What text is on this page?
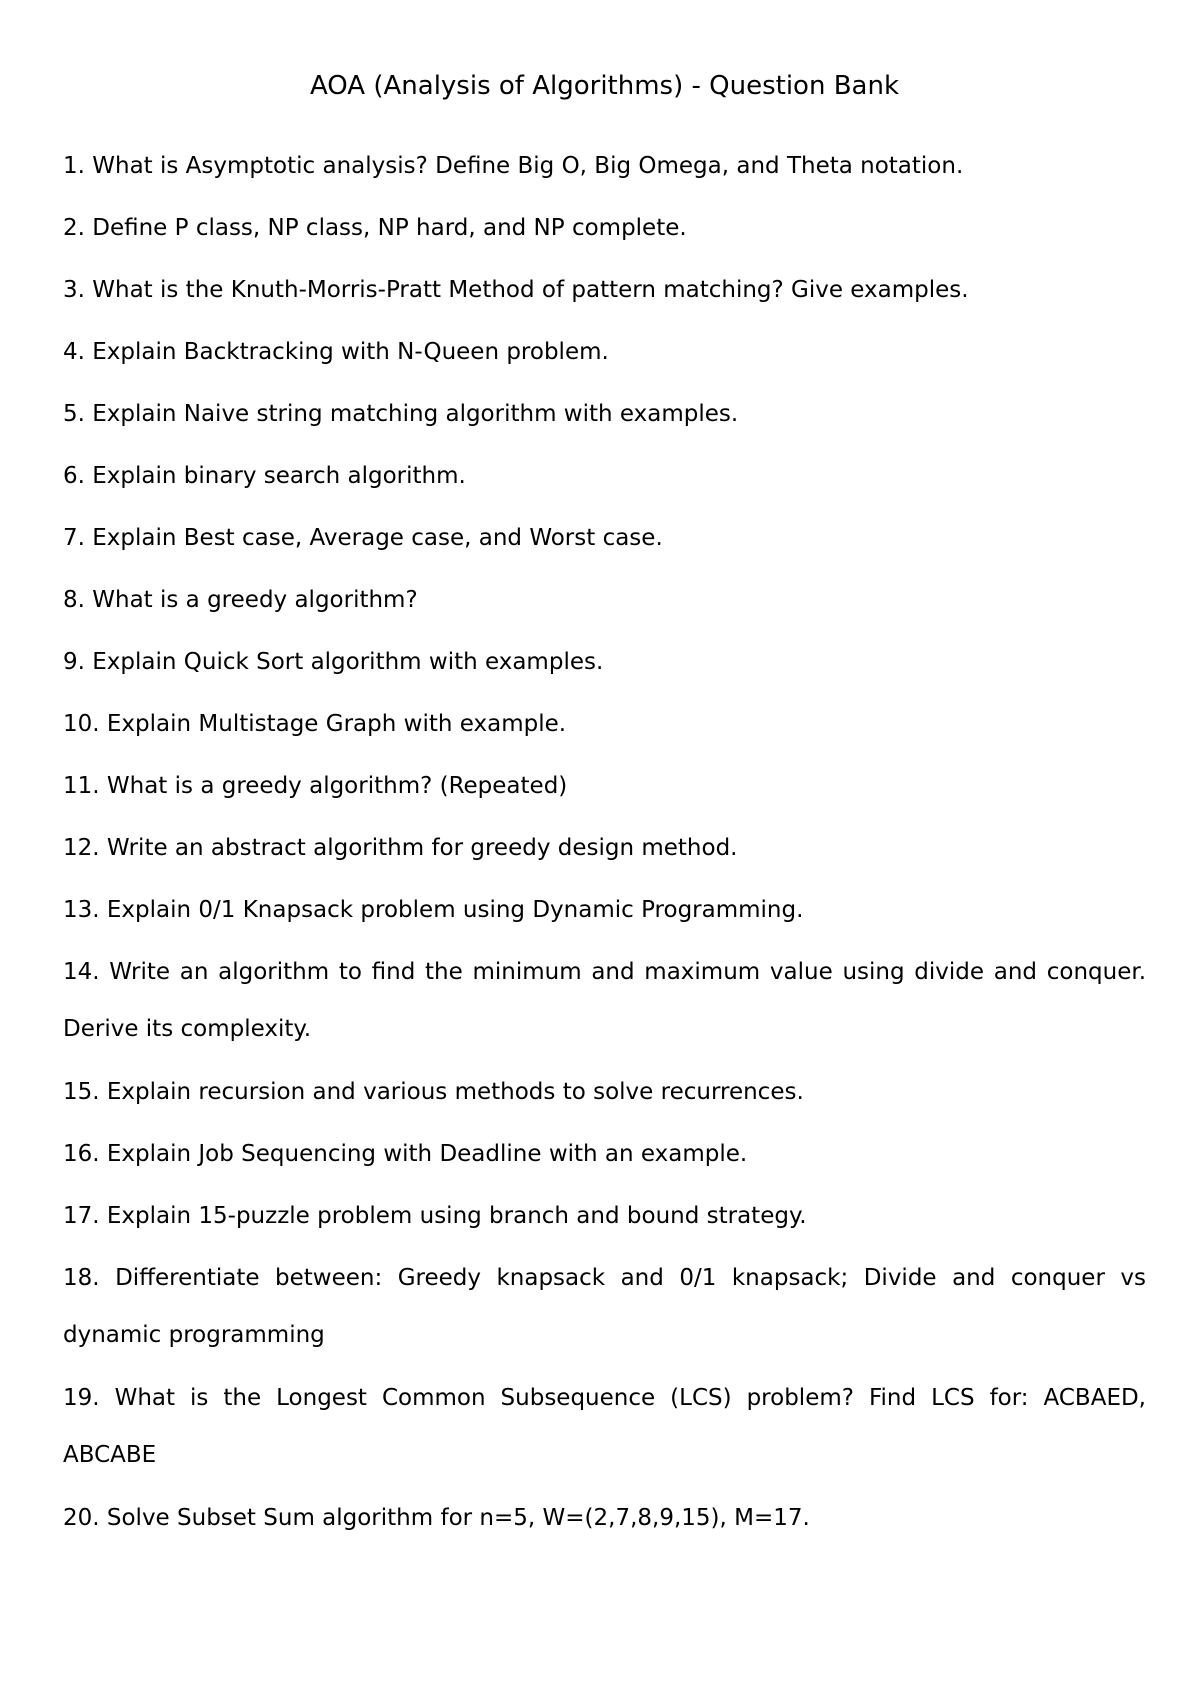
AOA (Analysis of Algorithms) - Question Bank
1. What is Asymptotic analysis? Define Big O, Big Omega, and Theta notation.
2. Define P class, NP class, NP hard, and NP complete.
3. What is the Knuth-Morris-Pratt Method of pattern matching? Give examples.
4. Explain Backtracking with N-Queen problem.
5. Explain Naive string matching algorithm with examples.
6. Explain binary search algorithm.
7. Explain Best case, Average case, and Worst case.
8. What is a greedy algorithm?
9. Explain Quick Sort algorithm with examples.
10. Explain Multistage Graph with example.
11. What is a greedy algorithm? (Repeated)
12. Write an abstract algorithm for greedy design method.
13. Explain 0/1 Knapsack problem using Dynamic Programming.
14. Write an algorithm to find the minimum and maximum value using divide and conquer. Derive its complexity.
15. Explain recursion and various methods to solve recurrences.
16. Explain Job Sequencing with Deadline with an example.
17. Explain 15-puzzle problem using branch and bound strategy.
18. Differentiate between: Greedy knapsack and 0/1 knapsack; Divide and conquer vs dynamic programming
19. What is the Longest Common Subsequence (LCS) problem? Find LCS for: ACBAED, ABCABE
20. Solve Subset Sum algorithm for n=5, W=(2,7,8,9,15), M=17.
